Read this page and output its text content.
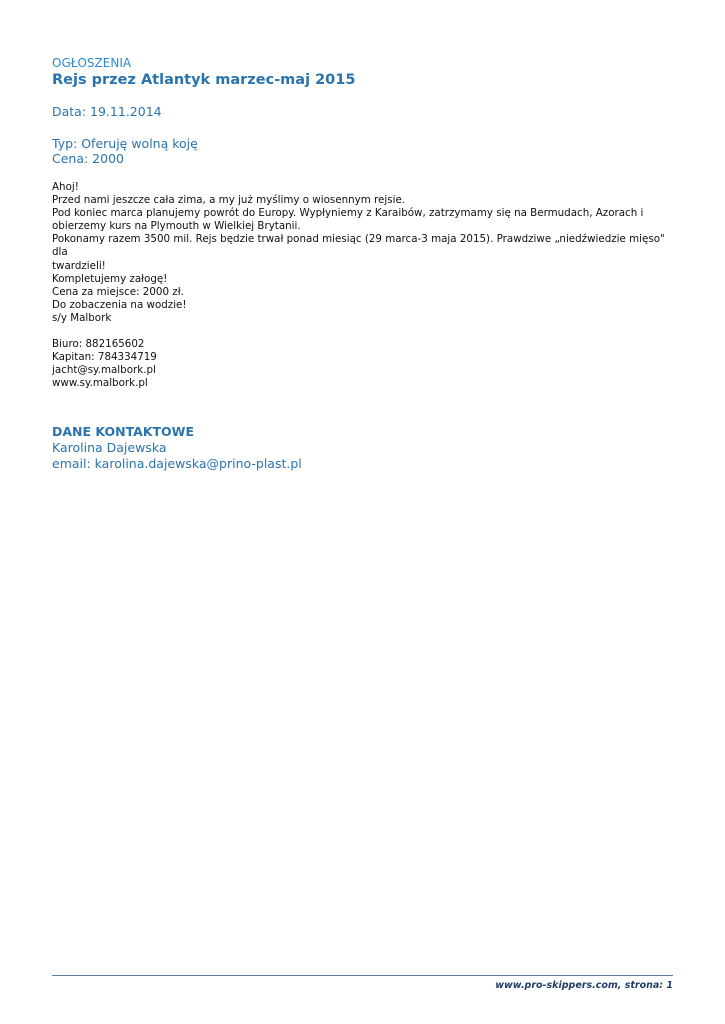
OGŁOSZENIA
Rejs przez Atlantyk marzec-maj 2015
Data: 19.11.2014
Typ: Oferuję wolną koję
Cena: 2000
Ahoj!
Przed nami jeszcze cała zima, a my już myślimy o wiosennym rejsie.
Pod koniec marca planujemy powrót do Europy. Wypłyniemy z Karaibów, zatrzymamy się na Bermudach, Azorach i
obierzemy kurs na Plymouth w Wielkiej Brytanii.
Pokonamy razem 3500 mil. Rejs będzie trwał ponad miesiąc (29 marca-3 maja 2015). Prawdziwe „niedźwiedzie mięso" dla
twardzieli!
Kompletujemy załogę!
Cena za miejsce: 2000 zł.
Do zobaczenia na wodzie!
s/y Malbork
Biuro: 882165602
Kapitan: 784334719
jacht@sy.malbork.pl
www.sy.malbork.pl
DANE KONTAKTOWE
Karolina Dajewska
email: karolina.dajewska@prino-plast.pl
www.pro-skippers.com, strona: 1
